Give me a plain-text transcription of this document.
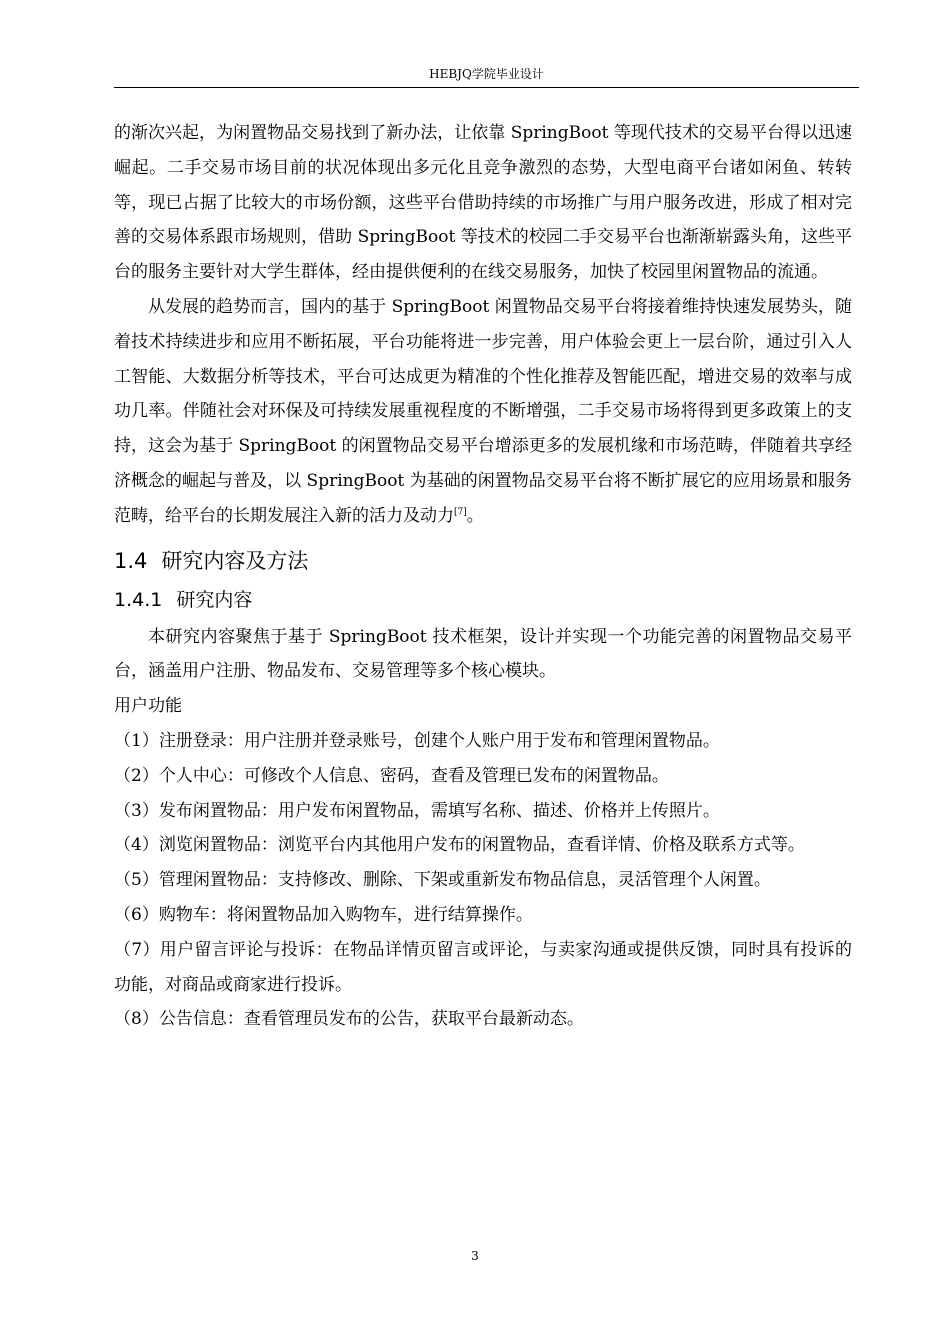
HEBJQ学院毕业设计

的渐次兴起，为闲置物品交易找到了新办法，让依靠 SpringBoot 等现代技术的交易平台得以迅速崛起。二手交易市场目前的状况体现出多元化且竞争激烈的态势，大型电商平台诸如闲鱼、转转等，现已占据了比较大的市场份额，这些平台借助持续的市场推广与用户服务改进，形成了相对完善的交易体系跟市场规则，借助 SpringBoot 等技术的校园二手交易平台也渐渐崭露头角，这些平台的服务主要针对大学生群体，经由提供便利的在线交易服务，加快了校园里闲置物品的流通。

从发展的趋势而言，国内的基于 SpringBoot 闲置物品交易平台将接着维持快速发展势头，随着技术持续进步和应用不断拓展，平台功能将进一步完善，用户体验会更上一层台阶，通过引入人工智能、大数据分析等技术，平台可达成更为精准的个性化推荐及智能匹配，增进交易的效率与成功几率。伴随社会对环保及可持续发展重视程度的不断增强，二手交易市场将得到更多政策上的支持，这会为基于 SpringBoot 的闲置物品交易平台增添更多的发展机缘和市场范畴，伴随着共享经济概念的崛起与普及，以 SpringBoot 为基础的闲置物品交易平台将不断扩展它的应用场景和服务范畴，给平台的长期发展注入新的活力及动力[7]。

1.4 研究内容及方法
1.4.1 研究内容

本研究内容聚焦于基于 SpringBoot 技术框架，设计并实现一个功能完善的闲置物品交易平台，涵盖用户注册、物品发布、交易管理等多个核心模块。

用户功能

（1）注册登录：用户注册并登录账号，创建个人账户用于发布和管理闲置物品。

（2）个人中心：可修改个人信息、密码，查看及管理已发布的闲置物品。

（3）发布闲置物品：用户发布闲置物品，需填写名称、描述、价格并上传照片。

（4）浏览闲置物品：浏览平台内其他用户发布的闲置物品，查看详情、价格及联系方式等。

（5）管理闲置物品：支持修改、删除、下架或重新发布物品信息，灵活管理个人闲置。

（6）购物车：将闲置物品加入购物车，进行结算操作。

（7）用户留言评论与投诉：在物品详情页留言或评论，与卖家沟通或提供反馈，同时具有投诉的功能，对商品或商家进行投诉。

（8）公告信息：查看管理员发布的公告，获取平台最新动态。

3
